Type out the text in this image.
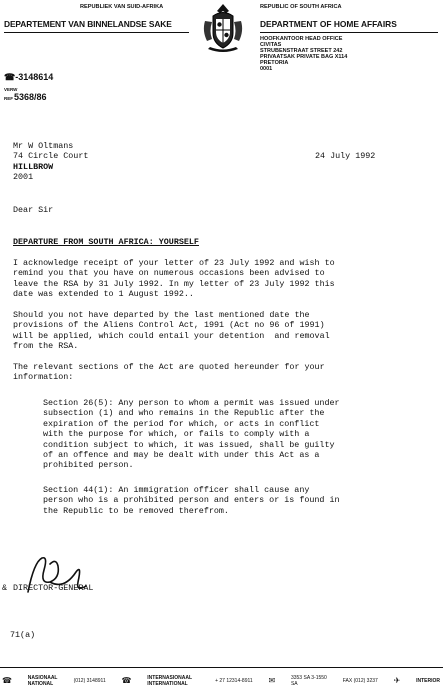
REPUBLIEK VAN SUID-AFRIKA
DEPARTEMENT VAN BINNELANDSE SAKE
REPUBLIC OF SOUTH AFRICA
DEPARTMENT OF HOME AFFAIRS
HOOFKANTOOR HEAD OFFICE
CIVITAS
STRUBENSTRAAT STREET 242
PRIVAATSAK PRIVATE BAG X114
PRETORIA
0001
☎-3148614
VERW
REF 5368/86
Mr W Oltmans
74 Circle Court
HILLBROW
2001
24 July 1992
Dear Sir
DEPARTURE FROM SOUTH AFRICA: YOURSELF
I acknowledge receipt of your letter of 23 July 1992 and wish to
remind you that you have on numerous occasions been advised to
leave the RSA by 31 July 1992. In my letter of 23 July 1992 this
date was extended to 1 August 1992..
Should you not have departed by the last mentioned date the
provisions of the Aliens Control Act, 1991 (Act no 96 of 1991)
will be applied, which could entail your detention  and removal
from the RSA.
The relevant sections of the Act are quoted hereunder for your
information:
Section 26(5): Any person to whom a permit was issued under
subsection (1) and who remains in the Republic after the
expiration of the period for which, or acts in conflict
with the purpose for which, or fails to comply with a
condition subject to which, it was issued, shall be guilty
of an offence and may be dealt with under this Act as a
prohibited person.
Section 44(1): An immigration officer shall cause any
person who is a prohibited person and enters or is found in
the Republic to be removed therefrom.
& DIRECTOR-GENERAL
71(a)
☎	NASIONAAL NATIONAL	(012) 3148911 ☎	INTERNASIONAAL INTERNATIONAL	+ 27 12314-8911 ✉	3353 SA 3-1550 SA	FAX (012) 3237 ✈	INTERIOR
